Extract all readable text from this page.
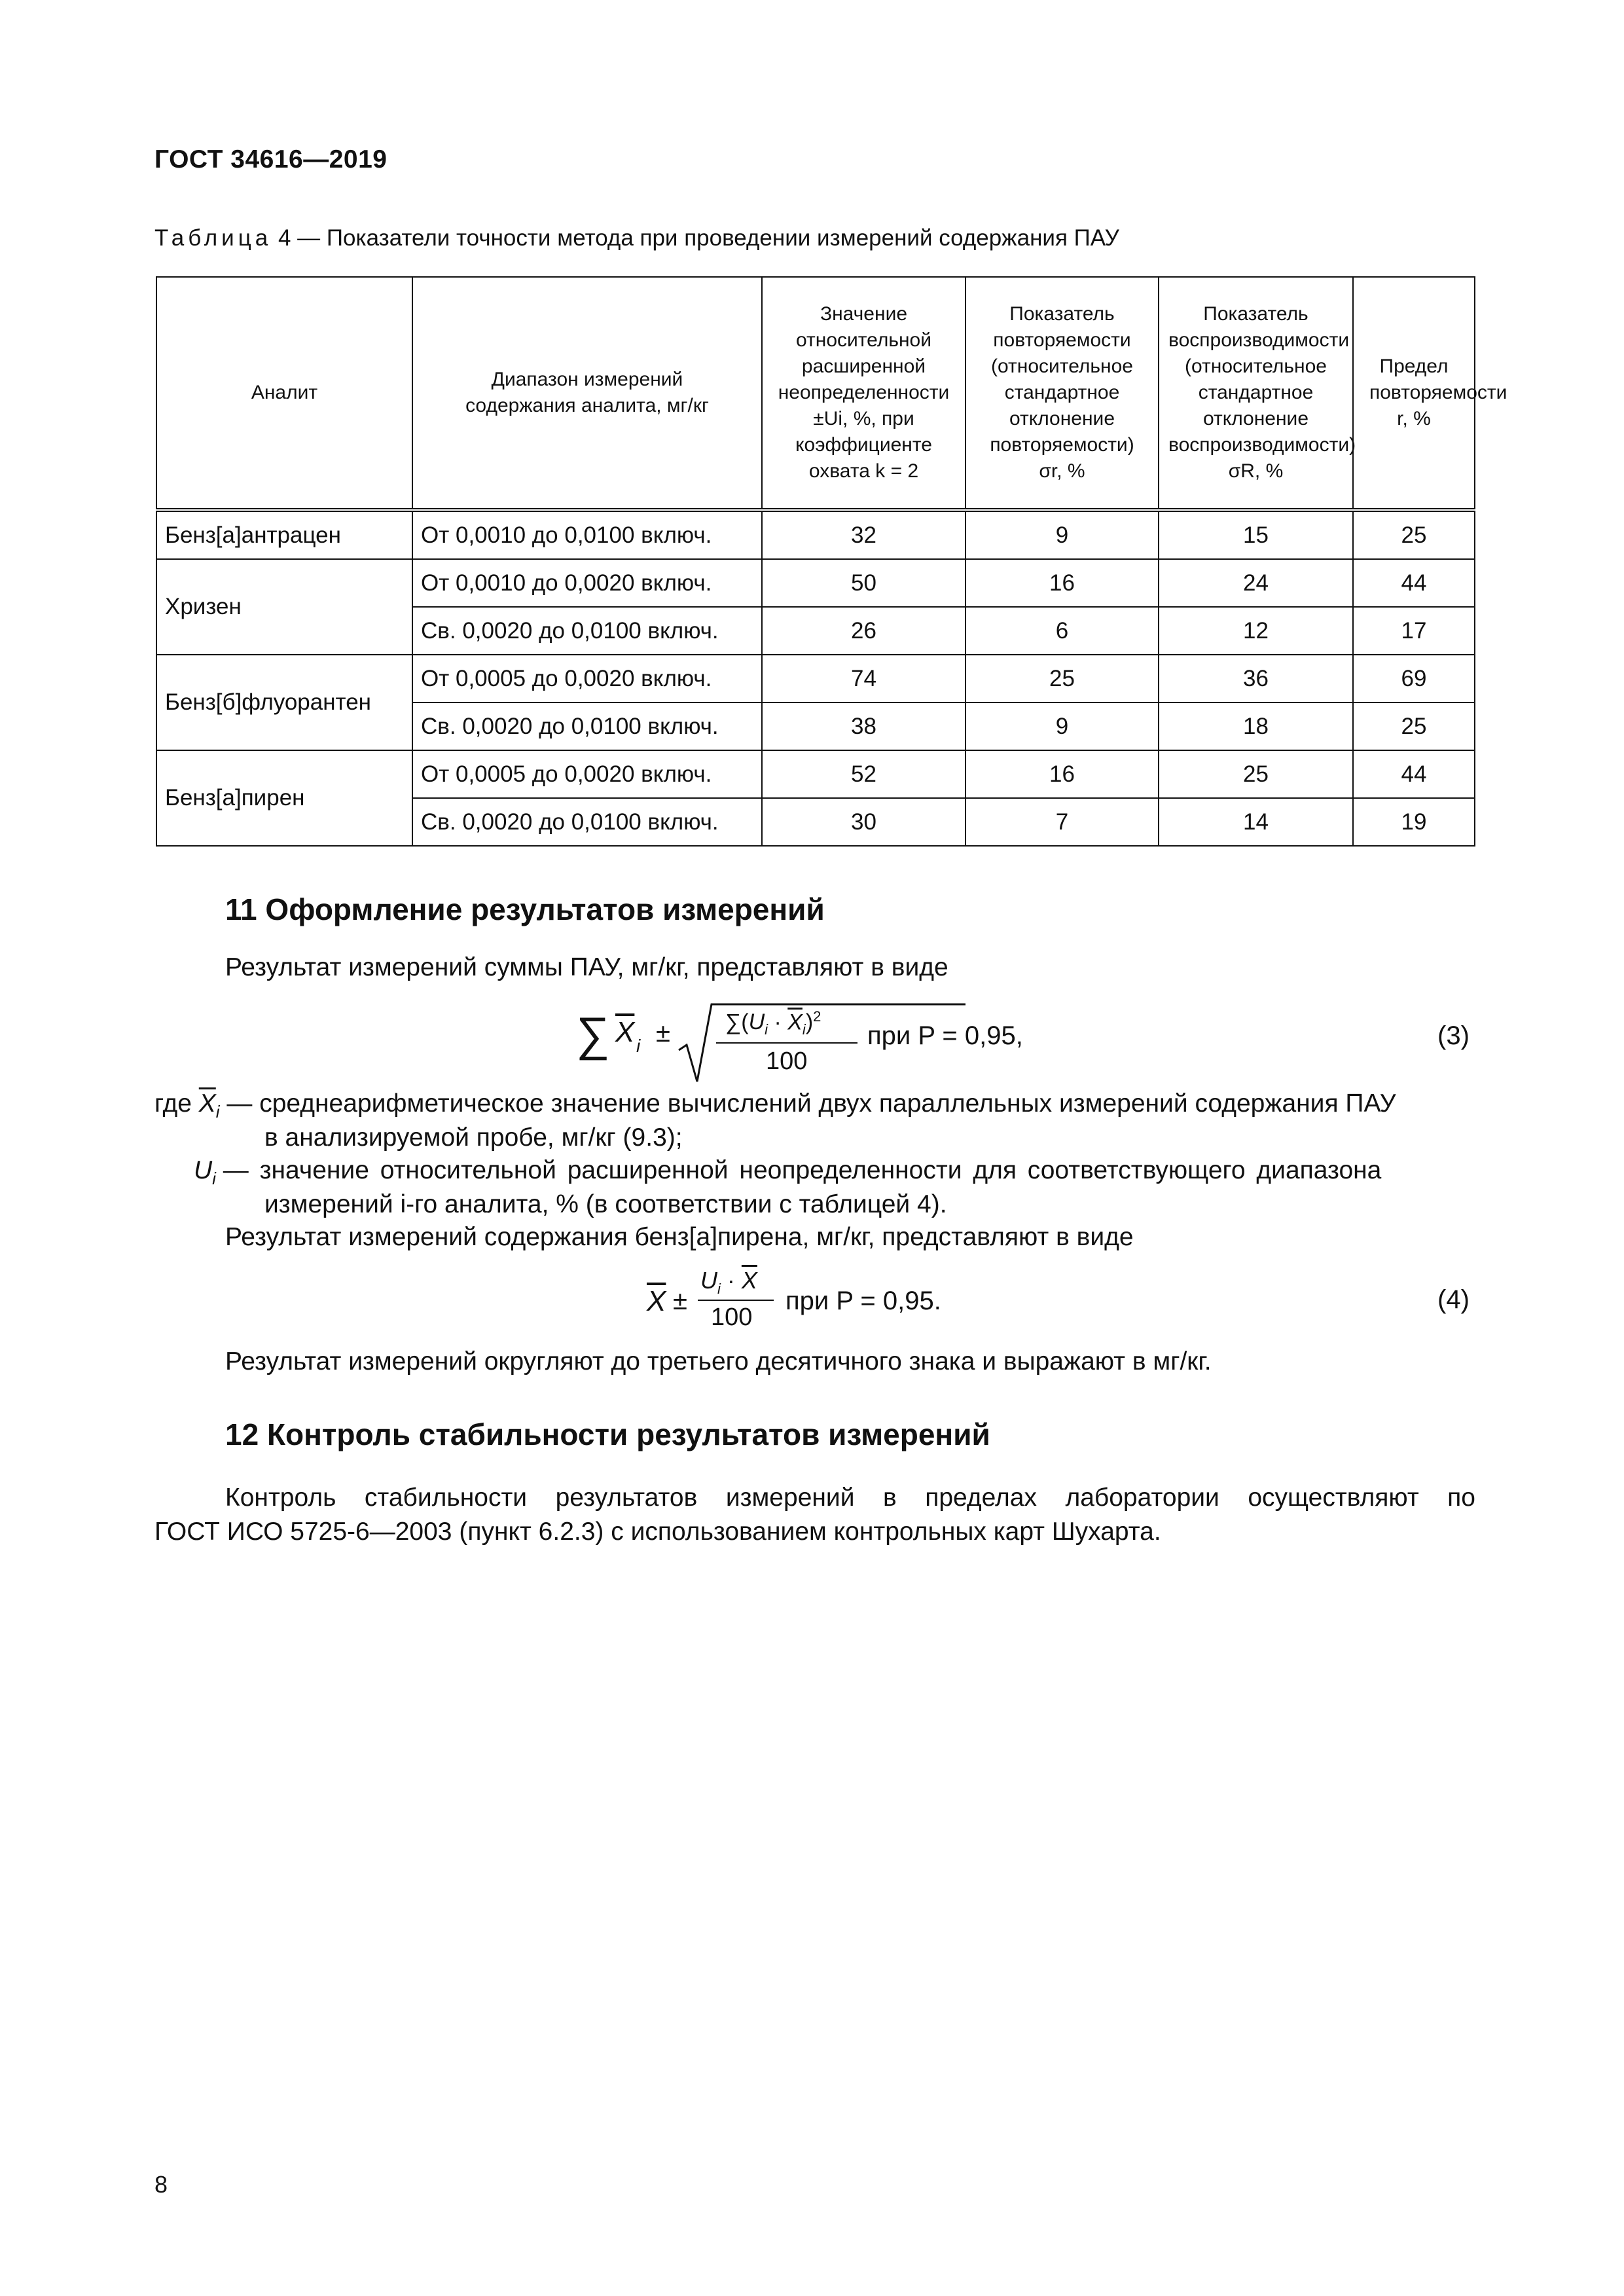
ГОСТ 34616—2019
Таблица 4 — Показатели точности метода при проведении измерений содержания ПАУ
Аналит	Диапазон измерений содержания аналита, мг/кг	Значение относительной расширенной неопределенности ±Ui, %, при коэффициенте охвата k = 2	Показатель повторяемости (относительное стандартное отклонение повторяемости) σr, %	Показатель воспроизводимости (относительное стандартное отклонение воспроизводимости) σR, %	Предел повторяемости r, %

Бенз[а]антрацен	От 0,0010 до 0,0100 включ.	32	9	15	25
Хризен	От 0,0010 до 0,0020 включ.	50	16	24	44
	Св. 0,0020 до 0,0100 включ.	26	6	12	17
Бенз[б]флуорантен	От 0,0005 до 0,0020 включ.	74	25	36	69
	Св. 0,0020 до 0,0100 включ.	38	9	18	25
Бенз[а]пирен	От 0,0005 до 0,0020 включ.	52	16	25	44
	Св. 0,0020 до 0,0100 включ.	30	7	14	19
11 Оформление результатов измерений
Результат измерений суммы ПАУ, мг/кг, представляют в виде
∑ $\overline{X}$ $i \pm \sum(U_i \cdot \overline{X}_i)^2$
100
при P = 0,95,	(3)
где $\overline{X}_i$ — среднеарифметическое значение вычислений двух параллельных измерений содержания ПАУ
в анализируемой пробе, мг/кг (9.3);
$U_i$ — значение относительной расширенной неопределенности для соответствующего диапазона
измерений i-го аналита, % (в соответствии с таблицей 4).
Результат измерений содержания бенз[а]пирена, мг/кг, представляют в виде
$\overline{X}$ ±
$U_i \cdot \overline{X}$
100
при P = 0,95.	(4)
Результат измерений округляют до третьего десятичного знака и выражают в мг/кг.
12 Контроль стабильности результатов измерений
Контроль стабильности результатов измерений в пределах лаборатории осуществляют по
ГОСТ ИСО 5725-6—2003 (пункт 6.2.3) с использованием контрольных карт Шухарта.
8
